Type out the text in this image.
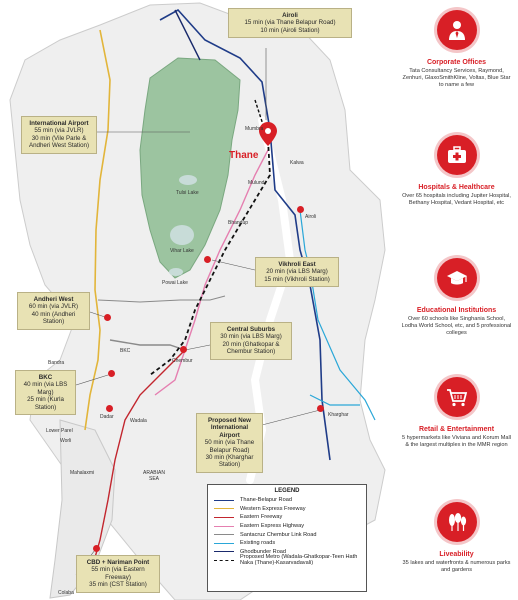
Thane
Mumbra
Airoli
Mulund
Bhandup
Kalwa
Tulsi Lake
Vihar Lake
Powai Lake
Bandra
BKC
Chembur
Dadar
Wadala
Kharghar
Lower Parel
Worli
Mahalaxmi
Colaba
ARABIAN SEA
Airoli
15 min (via Thane Belapur Road)
10 min (Airoli Station)
International Airport
55 min (via JVLR)
30 min (Vile Parle & Andheri West Station)
Vikhroli East
20 min (via LBS Marg)
15 min (Vikhroli Station)
Andheri West
60 min (via JVLR)
40 min (Andheri Station)
Central Suburbs
30 min (via LBS Marg)
20 min (Ghatkopar & Chembur Station)
BKC
40 min (via LBS Marg)
25 min (Kurla Station)
Proposed New International Airport
50 min (via Thane Belapur Road)
30 min (Kharghar Station)
CBD + Nariman Point
55 min (via Eastern Freeway)
35 min (CST Station)
LEGEND
Thane-Belapur Road
Western Express Freeway
Eastern Freeway
Eastern Express Highway
Santacruz Chembur Link Road
Existing roads
Ghodbunder Road
Proposed Metro (Wadala-Ghatkopar-Teen Hath Naka (Thane)-Kasarvadavali)
Corporate Offices
Tata Consultancy Services, Raymond, Zenhuri, GlaxoSmithKline, Voltas, Blue Star to name a few
Hospitals & Healthcare
Over 65 hospitals including Jupiter Hospital, Bethany Hospital, Vedant Hospital, etc
Educational Institutions
Over 60 schools like Singhania School, Lodha World School, etc, and 5 professional colleges
Retail & Entertainment
5 hypermarkets like Viviana and Korum Mall & the largest multiplex in the MMR region
Liveability
35 lakes and waterfronts & numerous parks and gardens
